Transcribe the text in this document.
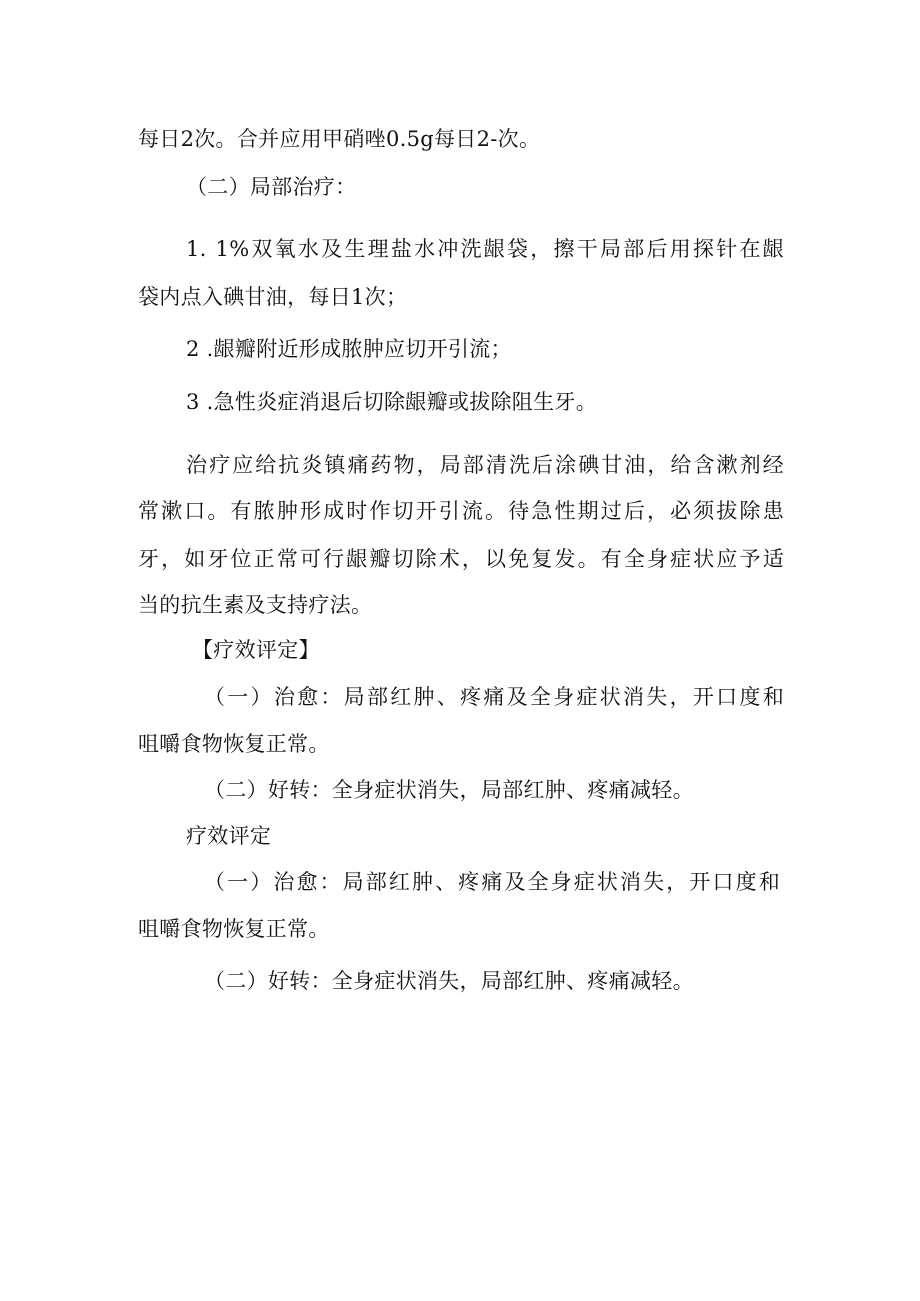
每日2次。合并应用甲硝唑0.5g每日2-次。
（二）局部治疗：
1. 1%双氧水及生理盐水冲洗龈袋，擦干局部后用探针在龈
袋内点入碘甘油，每日1次；
2 .龈瓣附近形成脓肿应切开引流；
3 .急性炎症消退后切除龈瓣或拔除阻生牙。
治疗应给抗炎镇痛药物，局部清洗后涂碘甘油，给含漱剂经
常漱口。有脓肿形成时作切开引流。待急性期过后，必须拔除患
牙，如牙位正常可行龈瓣切除术，以免复发。有全身症状应予适
当的抗生素及支持疗法。
【疗效评定】
（一）治愈：局部红肿、疼痛及全身症状消失，开口度和
咀嚼食物恢复正常。
（二）好转：全身症状消失，局部红肿、疼痛减轻。
疗效评定
（一）治愈：局部红肿、疼痛及全身症状消失，开口度和
咀嚼食物恢复正常。
（二）好转：全身症状消失，局部红肿、疼痛减轻。
